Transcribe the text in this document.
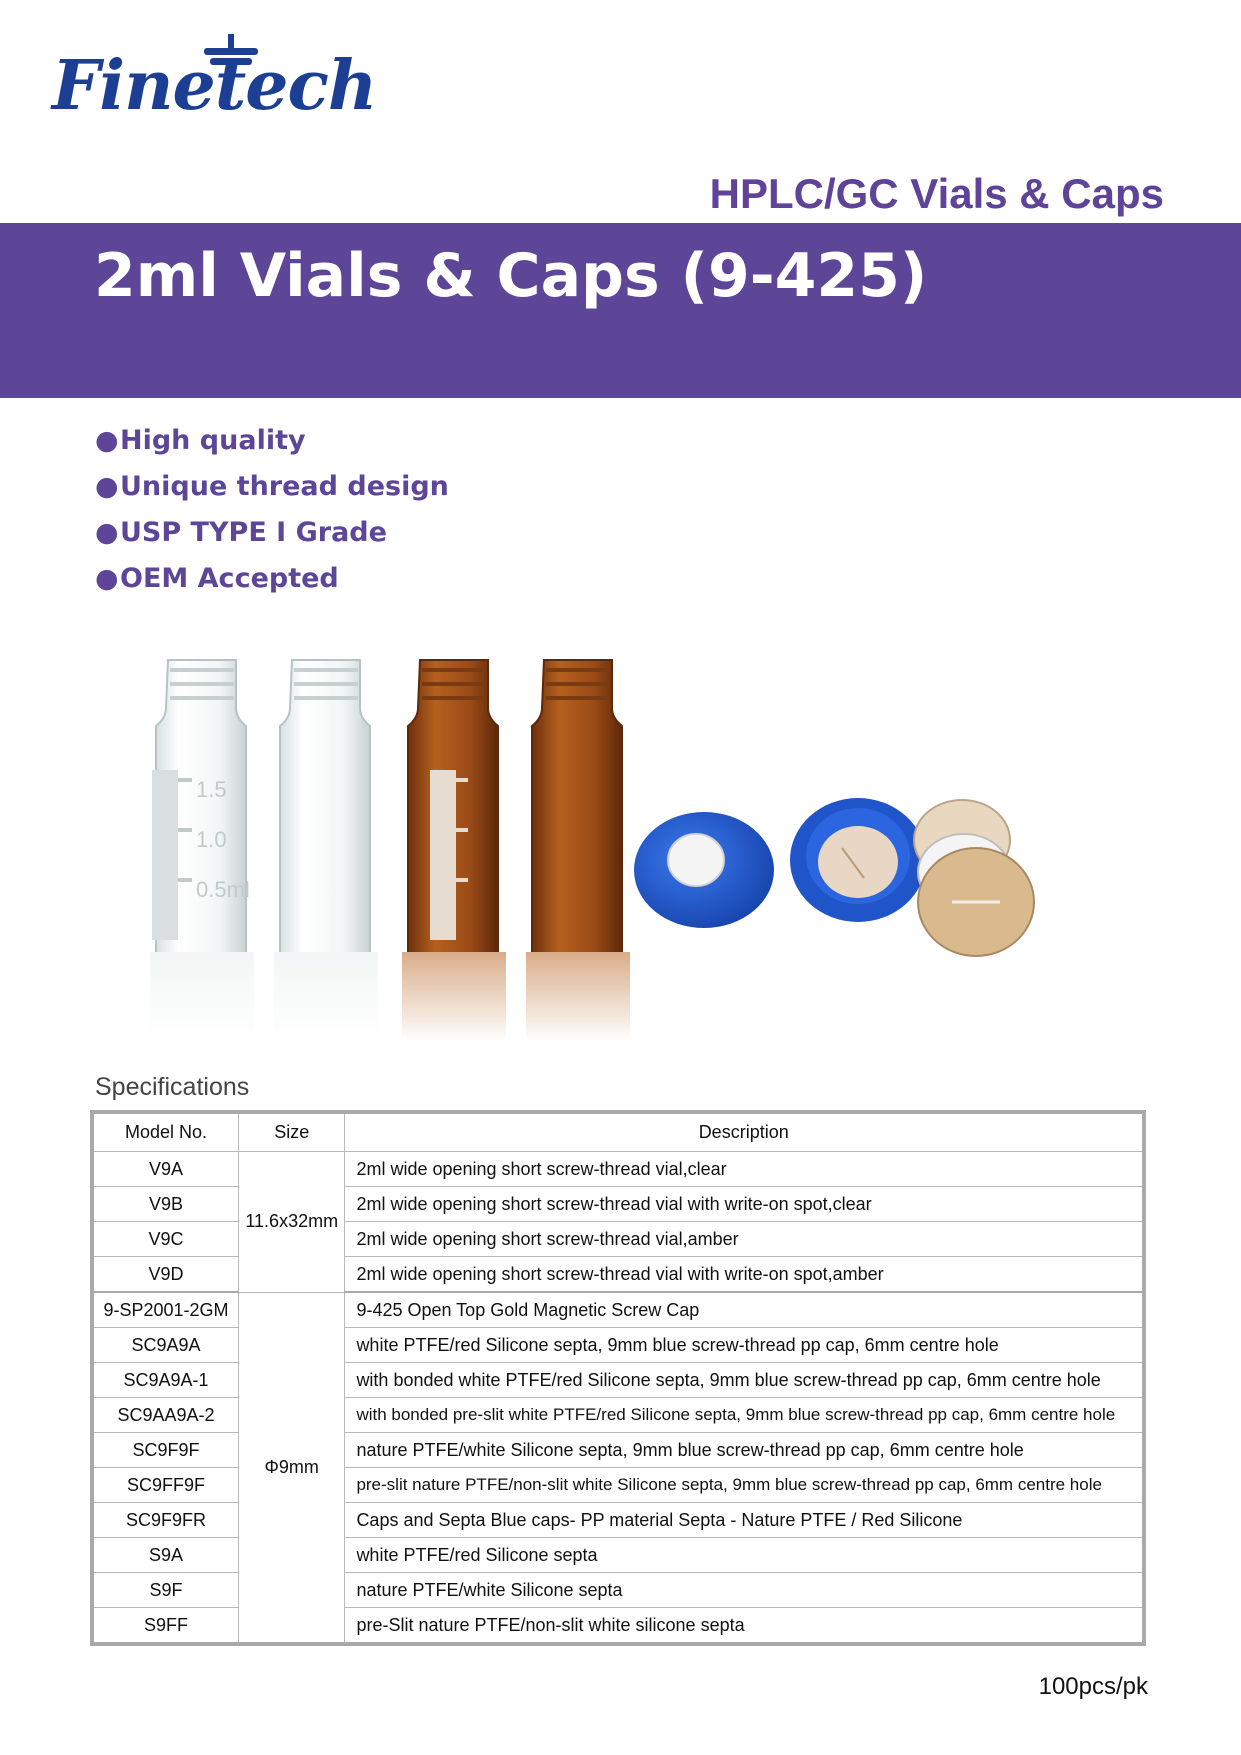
Finetech
HPLC/GC Vials & Caps
2ml Vials & Caps (9-425)
●High quality
●Unique thread design
●USP TYPE I Grade
●OEM Accepted
1.5
1.0
0.5ml
Specifications
Model No.	Size	Description
V9A	11.6x32mm	2ml wide opening short screw-thread vial,clear
V9B		2ml wide opening short screw-thread vial with write-on spot,clear
V9C		2ml wide opening short screw-thread vial,amber
V9D		2ml wide opening short screw-thread vial with write-on spot,amber
9-SP2001-2GM	Φ9mm	9-425 Open Top Gold Magnetic Screw Cap
SC9A9A		white PTFE/red Silicone septa, 9mm blue screw-thread pp cap, 6mm centre hole
SC9A9A-1		with bonded white PTFE/red Silicone septa, 9mm blue screw-thread pp cap, 6mm centre hole
SC9AA9A-2		with bonded pre-slit white PTFE/red Silicone septa, 9mm blue screw-thread pp cap, 6mm centre hole
SC9F9F		nature PTFE/white Silicone septa, 9mm blue screw-thread pp cap, 6mm centre hole
SC9FF9F		pre-slit nature PTFE/non-slit white Silicone septa, 9mm blue screw-thread pp cap, 6mm centre hole
SC9F9FR		Caps and Septa Blue caps- PP material Septa - Nature PTFE / Red Silicone
S9A		white PTFE/red Silicone septa
S9F		nature PTFE/white Silicone septa
S9FF		pre-Slit nature PTFE/non-slit white silicone septa
100pcs/pk
